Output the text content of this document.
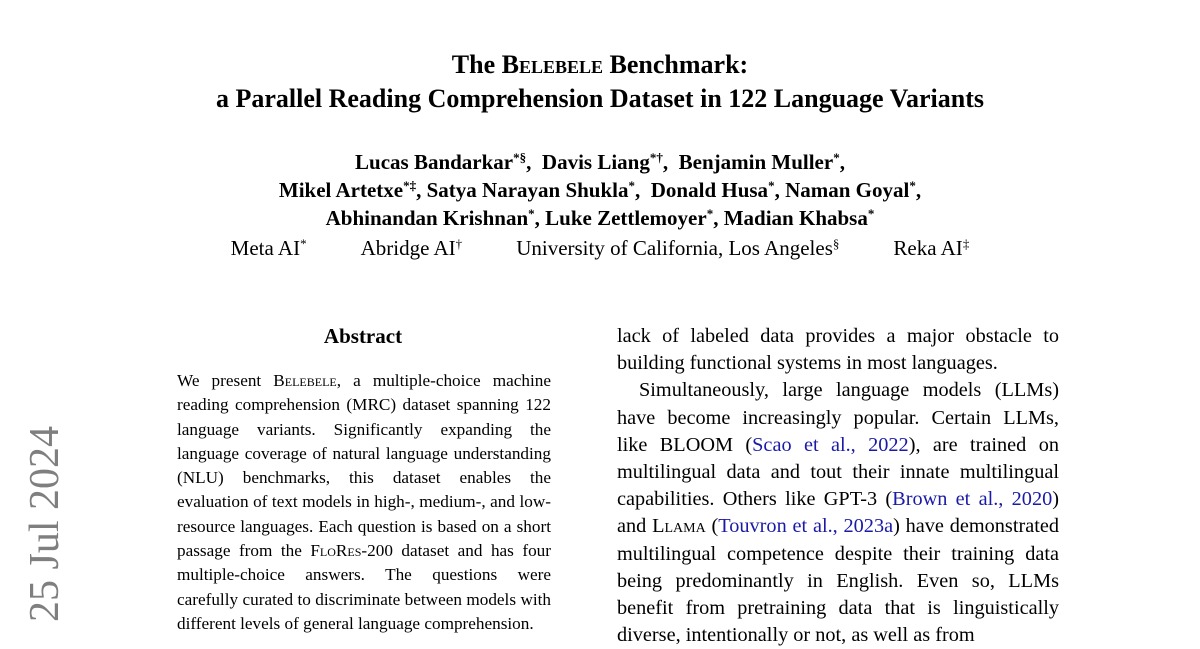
25 Jul 2024
The Belebele Benchmark:
a Parallel Reading Comprehension Dataset in 122 Language Variants
Lucas Bandarkar*§,  Davis Liang*†,  Benjamin Muller*,
Mikel Artetxe*‡, Satya Narayan Shukla*,  Donald Husa*, Naman Goyal*,
Abhinandan Krishnan*, Luke Zettlemoyer*, Madian Khabsa*
Meta AI*	Abridge AI†	University of California, Los Angeles§	Reka AI‡
Abstract

We present Belebele, a multiple-choice machine reading comprehension (MRC) dataset spanning 122 language variants. Significantly expanding the language coverage of natural language understanding (NLU) benchmarks, this dataset enables the evaluation of text models in high-, medium-, and low-resource languages. Each question is based on a short passage from the FloRes-200 dataset and has four multiple-choice answers. The questions were carefully curated to discriminate between models with different levels of general language comprehension.

lack of labeled data provides a major obstacle to building functional systems in most languages.

Simultaneously, large language models (LLMs) have become increasingly popular. Certain LLMs, like BLOOM (Scao et al., 2022), are trained on multilingual data and tout their innate multilingual capabilities. Others like GPT-3 (Brown et al., 2020) and Llama (Touvron et al., 2023a) have demonstrated multilingual competence despite their training data being predominantly in English. Even so, LLMs benefit from pretraining data that is linguistically diverse, intentionally or not, as well as from
